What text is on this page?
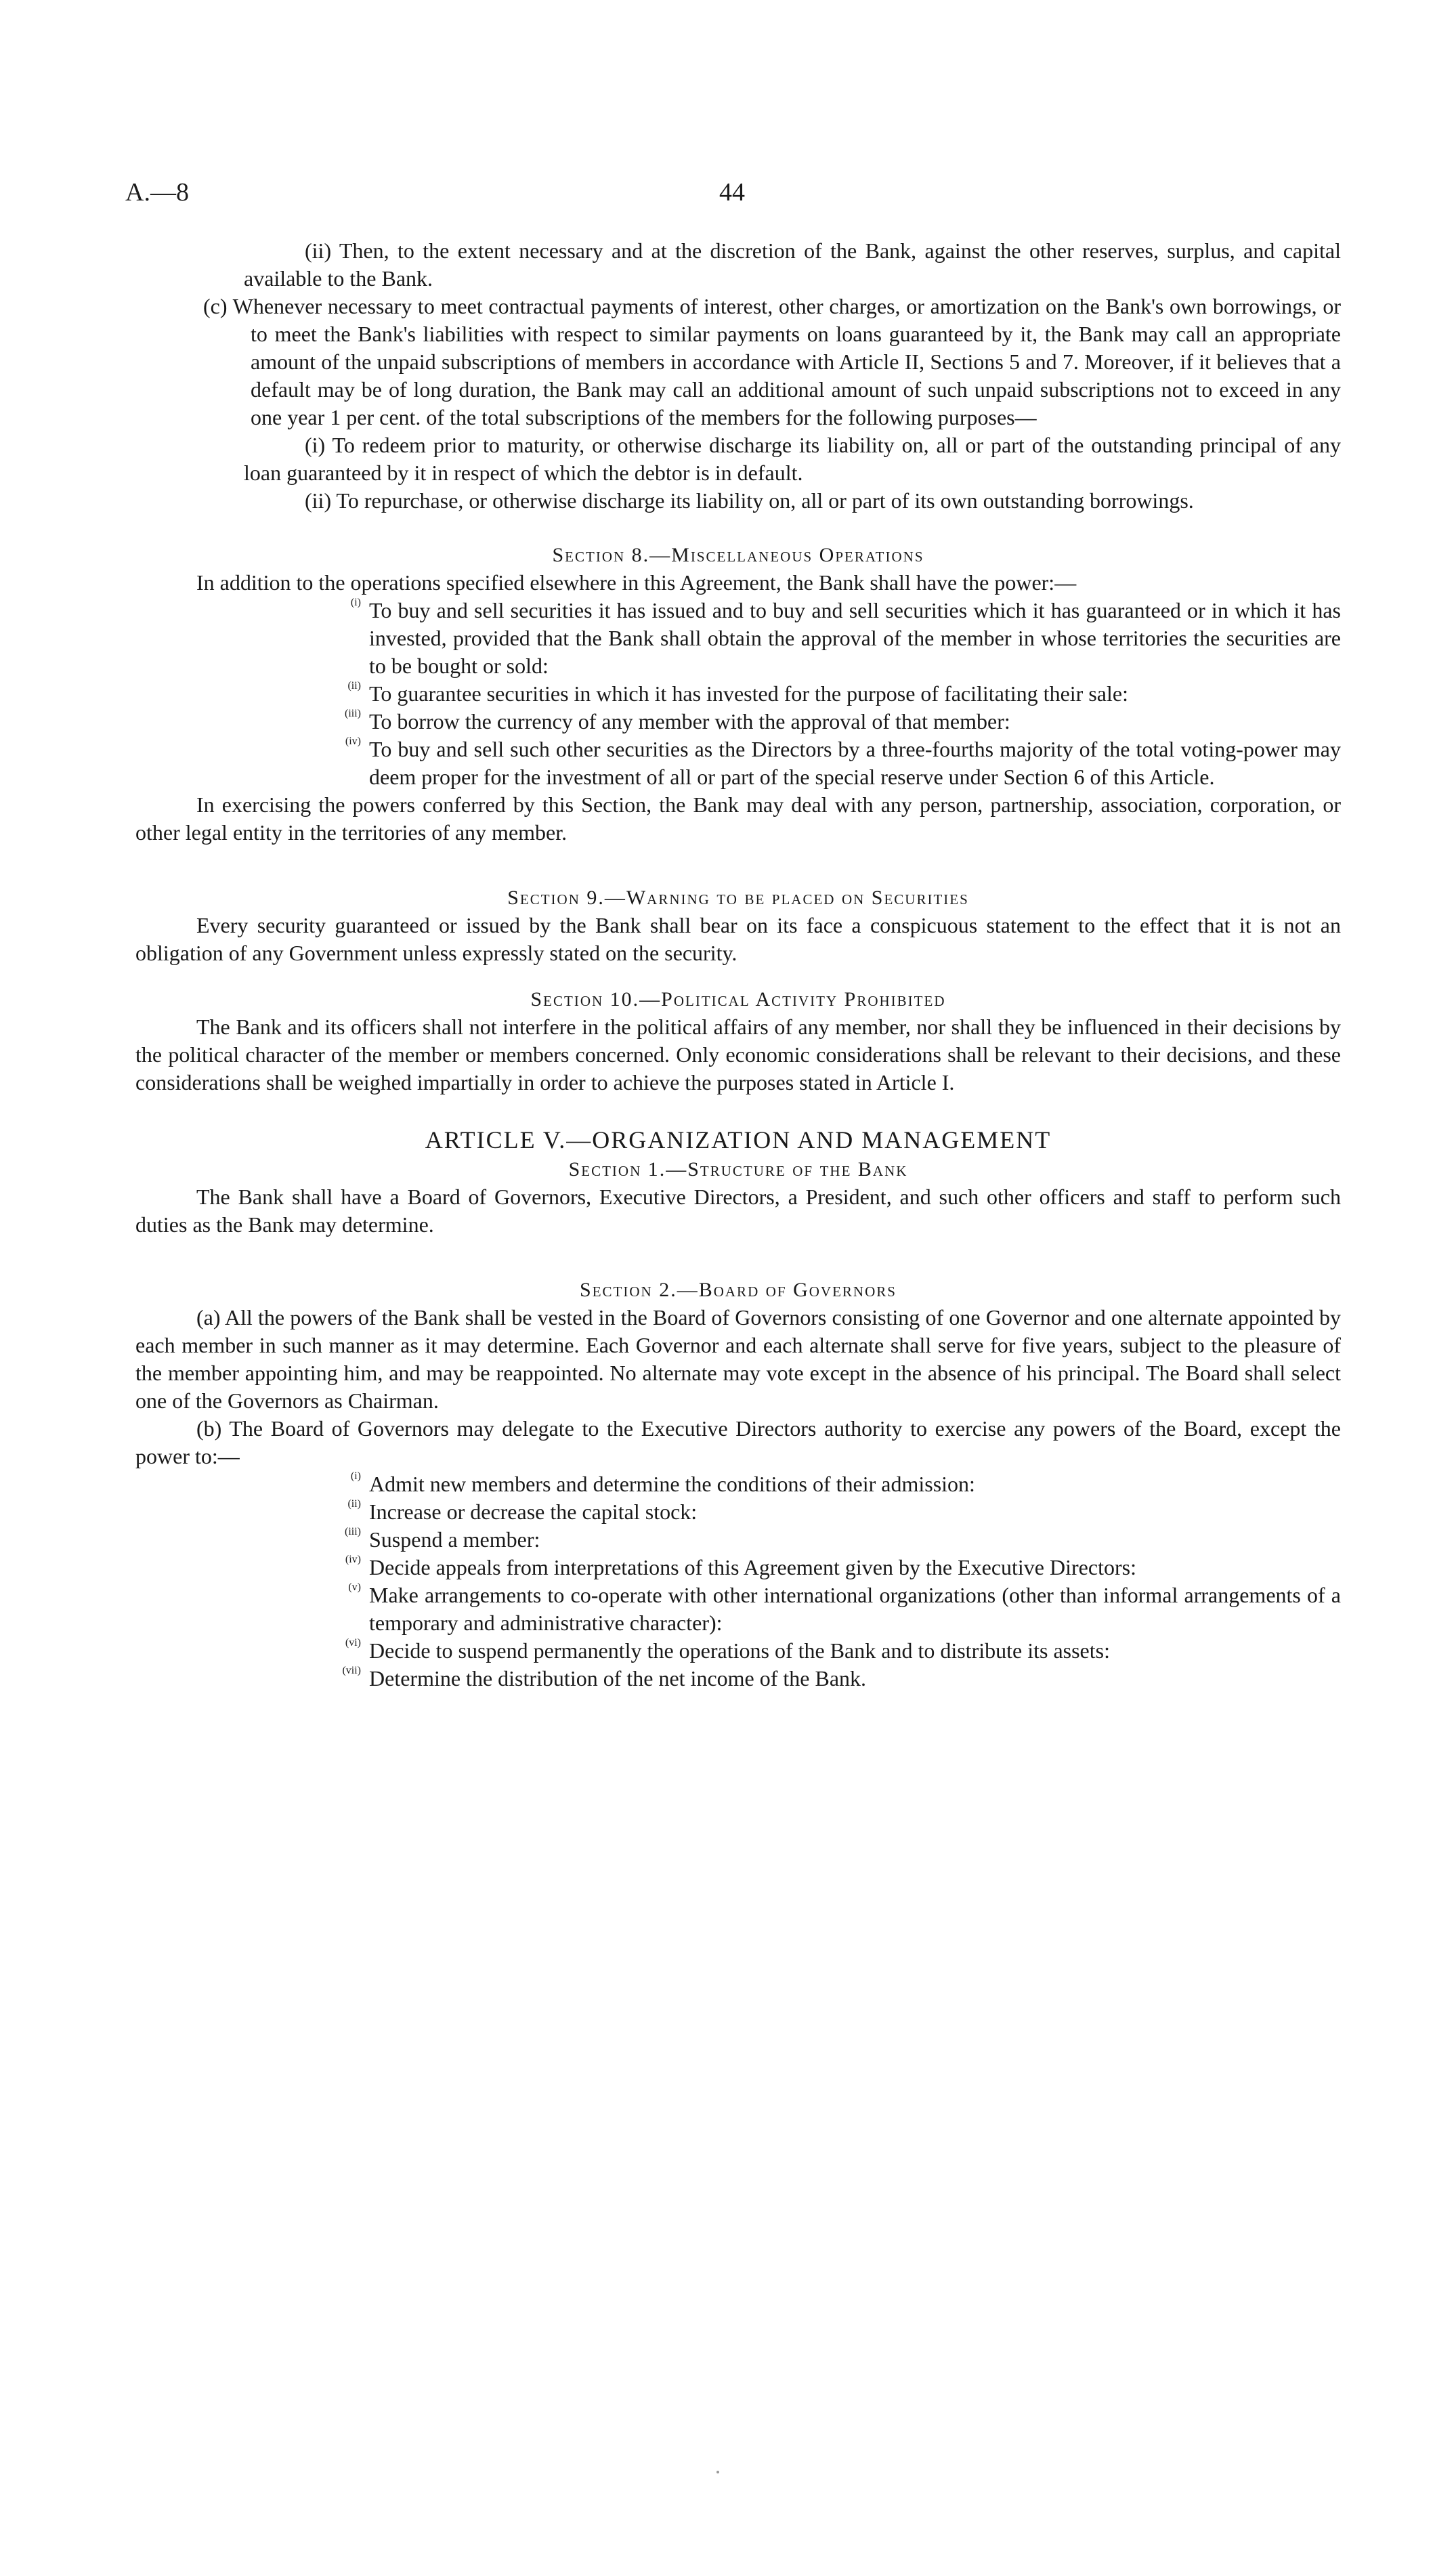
A.—8	44

(ii) Then, to the extent necessary and at the discretion of the Bank, against the other reserves, surplus, and capital available to the Bank.

(c) Whenever necessary to meet contractual payments of interest, other charges, or amortization on the Bank's own borrowings, or to meet the Bank's liabilities with respect to similar payments on loans guaranteed by it, the Bank may call an appropriate amount of the unpaid subscriptions of members in accordance with Article II, Sections 5 and 7. Moreover, if it believes that a default may be of long duration, the Bank may call an additional amount of such unpaid subscriptions not to exceed in any one year 1 per cent. of the total subscriptions of the members for the following purposes—

(i) To redeem prior to maturity, or otherwise discharge its liability on, all or part of the outstanding principal of any loan guaranteed by it in respect of which the debtor is in default.

(ii) To repurchase, or otherwise discharge its liability on, all or part of its own outstanding borrowings.

Section 8.—Miscellaneous Operations

In addition to the operations specified elsewhere in this Agreement, the Bank shall have the power:—

(i) To buy and sell securities it has issued and to buy and sell securities which it has guaranteed or in which it has invested, provided that the Bank shall obtain the approval of the member in whose territories the securities are to be bought or sold:

(ii) To guarantee securities in which it has invested for the purpose of facilitating their sale:

(iii) To borrow the currency of any member with the approval of that member:

(iv) To buy and sell such other securities as the Directors by a three-fourths majority of the total voting-power may deem proper for the investment of all or part of the special reserve under Section 6 of this Article.

In exercising the powers conferred by this Section, the Bank may deal with any person, partnership, association, corporation, or other legal entity in the territories of any member.

Section 9.—Warning to be placed on Securities

Every security guaranteed or issued by the Bank shall bear on its face a conspicuous statement to the effect that it is not an obligation of any Government unless expressly stated on the security.

Section 10.—Political Activity Prohibited

The Bank and its officers shall not interfere in the political affairs of any member, nor shall they be influenced in their decisions by the political character of the member or members concerned. Only economic considerations shall be relevant to their decisions, and these considerations shall be weighed impartially in order to achieve the purposes stated in Article I.

ARTICLE V.—ORGANIZATION AND MANAGEMENT
Section 1.—Structure of the Bank

The Bank shall have a Board of Governors, Executive Directors, a President, and such other officers and staff to perform such duties as the Bank may determine.

Section 2.—Board of Governors

(a) All the powers of the Bank shall be vested in the Board of Governors consisting of one Governor and one alternate appointed by each member in such manner as it may determine. Each Governor and each alternate shall serve for five years, subject to the pleasure of the member appointing him, and may be reappointed. No alternate may vote except in the absence of his principal. The Board shall select one of the Governors as Chairman.

(b) The Board of Governors may delegate to the Executive Directors authority to exercise any powers of the Board, except the power to:—

(i) Admit new members and determine the conditions of their admission:

(ii) Increase or decrease the capital stock:

(iii) Suspend a member:

(iv) Decide appeals from interpretations of this Agreement given by the Executive Directors:

(v) Make arrangements to co-operate with other international organizations (other than informal arrangements of a temporary and administrative character):

(vi) Decide to suspend permanently the operations of the Bank and to distribute its assets:

(vii) Determine the distribution of the net income of the Bank.
